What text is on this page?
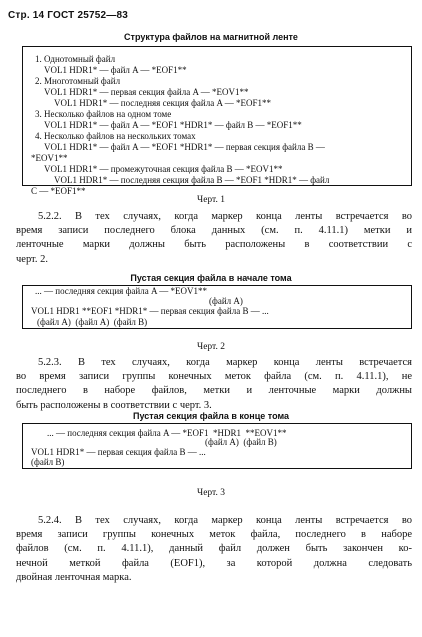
Стр. 14 ГОСТ 25752—83
Структура файлов на магнитной ленте
1. Однотомный файл
VOL1 HDR1* — файл A — *EOF1**
2. Многотомный файл
VOL1 HDR1* — первая секция файла A — *EOV1**
VOL1 HDR1* — последняя секция файла A — *EOF1**
3. Несколько файлов на одном томе
VOL1 HDR1* — файл A — *EOF1 *HDR1* — файл B — *EOF1**
4. Несколько файлов на нескольких томах
VOL1 HDR1* — файл A — *EOF1 *HDR1* — первая секция файла B —
*EOV1**
VOL1 HDR1* — промежуточная секция файла B — *EOV1**
VOL1 HDR1* — последняя секция файла B — *EOF1 *HDR1* — файл
C — *EOF1**
Черт. 1
5.2.2. В тех случаях, когда маркер конца ленты встречается во
время записи последнего блока данных (см. п. 4.11.1) метки и
ленточные марки должны быть расположены в соответствии с
черт. 2.
Пустая секция файла в начале тома
... — последняя секция файла A — *EOV1**
(файл A)
VOL1 HDR1 **EOF1 *HDR1* — первая секция файла B — ...
(файл A)  (файл A)  (файл B)
Черт. 2
5.2.3. В тех случаях, когда маркер конца ленты встречается
во время записи группы конечных меток файла (см. п. 4.11.1), не
последнего в наборе файлов, метки и ленточные марки должны
быть расположены в соответствии с черт. 3.
Пустая секция файла в конце тома
... — последняя секция файла A — *EOF1  *HDR1  **EOV1**
(файл A)  (файл B)
VOL1 HDR1* — первая секция файла B — ...
(файл B)
Черт. 3
5.2.4. В тех случаях, когда маркер конца ленты встречается во
время записи группы конечных меток файла, последнего в наборе
файлов (см. п. 4.11.1), данный файл должен быть закончен ко-
нечной меткой файла (EOF1), за которой должна следовать
двойная ленточная марка.
